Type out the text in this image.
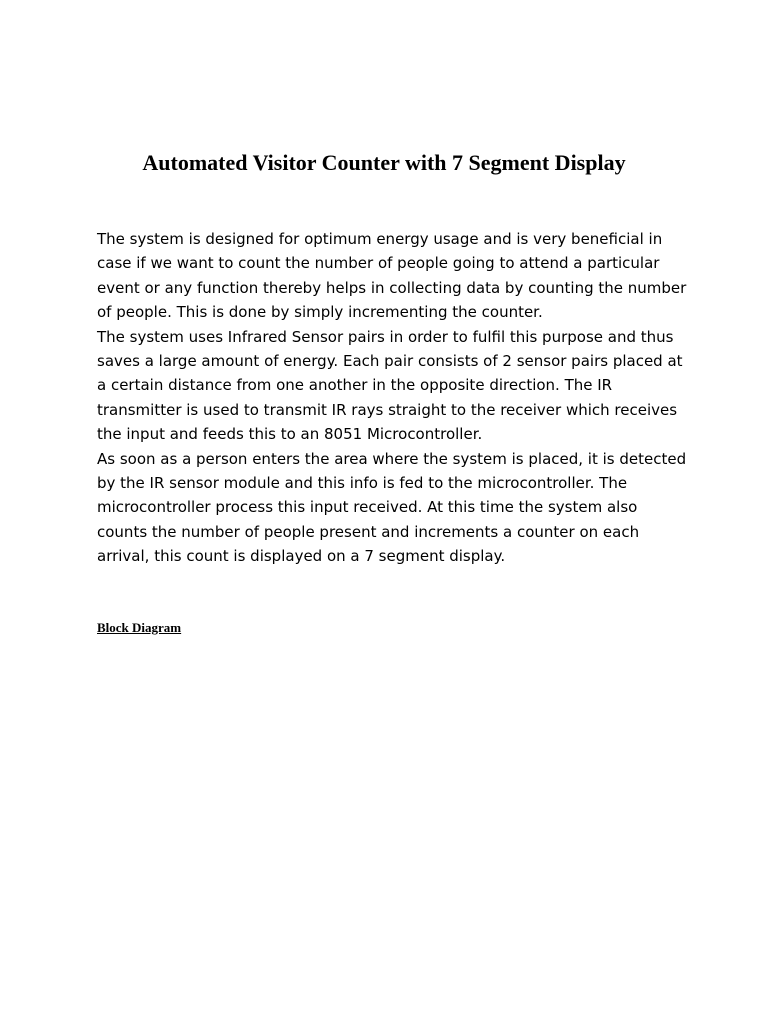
Automated Visitor Counter with 7 Segment Display

The system is designed for optimum energy usage and is very beneficial in case if we want to count the number of people going to attend a particular event or any function thereby helps in collecting data by counting the number of people. This is done by simply incrementing the counter.

The system uses Infrared Sensor pairs in order to fulfil this purpose and thus saves a large amount of energy. Each pair consists of 2 sensor pairs placed at a certain distance from one another in the opposite direction. The IR transmitter is used to transmit IR rays straight to the receiver which receives the input and feeds this to an 8051 Microcontroller.

As soon as a person enters the area where the system is placed, it is detected by the IR sensor module and this info is fed to the microcontroller. The microcontroller process this input received. At this time the system also counts the number of people present and increments a counter on each arrival, this count is displayed on a 7 segment display.

Block Diagram
